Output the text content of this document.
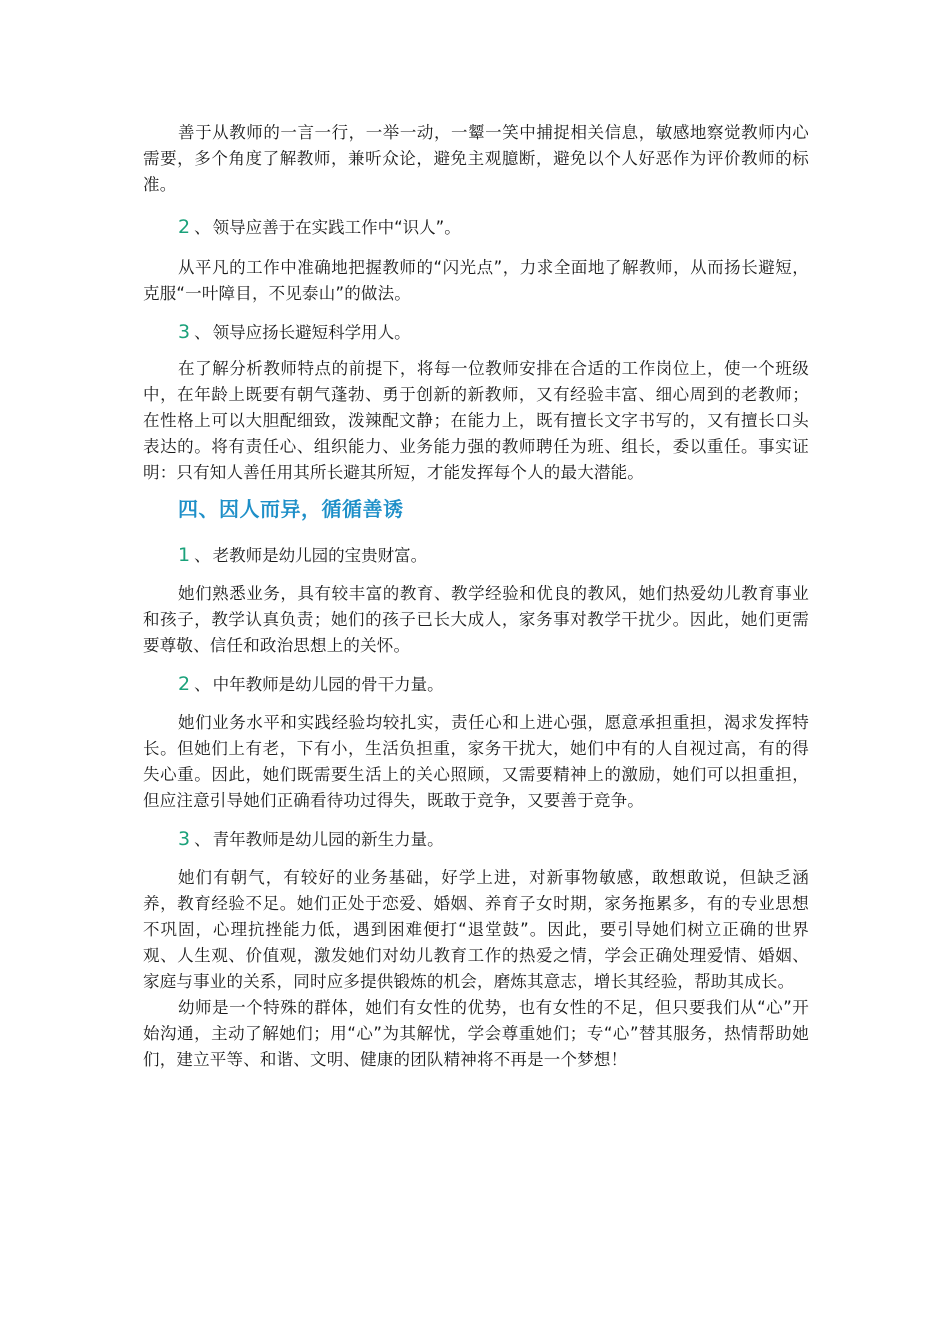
善于从教师的一言一行，一举一动，一颦一笑中捕捉相关信息，敏感地察觉教师内心需要，多个角度了解教师，兼听众论，避免主观臆断，避免以个人好恶作为评价教师的标准。

2 、 领导应善于在实践工作中“识人”。

从平凡的工作中准确地把握教师的“闪光点”，力求全面地了解教师，从而扬长避短，克服“一叶障目，不见泰山”的做法。

3 、 领导应扬长避短科学用人。

在了解分析教师特点的前提下，将每一位教师安排在合适的工作岗位上，使一个班级中，在年龄上既要有朝气蓬勃、勇于创新的新教师，又有经验丰富、细心周到的老教师；在性格上可以大胆配细致，泼辣配文静；在能力上，既有擅长文字书写的，又有擅长口头表达的。将有责任心、组织能力、业务能力强的教师聘任为班、组长，委以重任。事实证明：只有知人善任用其所长避其所短，才能发挥每个人的最大潜能。

四、因人而异，循循善诱
1 、 老教师是幼儿园的宝贵财富。

她们熟悉业务，具有较丰富的教育、教学经验和优良的教风，她们热爱幼儿教育事业和孩子，教学认真负责；她们的孩子已长大成人，家务事对教学干扰少。因此，她们更需要尊敬、信任和政治思想上的关怀。

2 、 中年教师是幼儿园的骨干力量。

她们业务水平和实践经验均较扎实，责任心和上进心强，愿意承担重担，渴求发挥特长。但她们上有老，下有小，生活负担重，家务干扰大，她们中有的人自视过高，有的得失心重。因此，她们既需要生活上的关心照顾，又需要精神上的激励，她们可以担重担，但应注意引导她们正确看待功过得失，既敢于竞争，又要善于竞争。

3 、 青年教师是幼儿园的新生力量。

她们有朝气，有较好的业务基础，好学上进，对新事物敏感，敢想敢说，但缺乏涵养，教育经验不足。她们正处于恋爱、婚姻、养育子女时期，家务拖累多，有的专业思想不巩固，心理抗挫能力低，遇到困难便打“退堂鼓”。因此，要引导她们树立正确的世界观、人生观、价值观，激发她们对幼儿教育工作的热爱之情，学会正确处理爱情、婚姻、家庭与事业的关系，同时应多提供锻炼的机会，磨炼其意志，增长其经验，帮助其成长。

幼师是一个特殊的群体，她们有女性的优势，也有女性的不足，但只要我们从“心”开始沟通，主动了解她们；用“心”为其解忧，学会尊重她们；专“心”替其服务，热情帮助她们，建立平等、和谐、文明、健康的团队精神将不再是一个梦想！
